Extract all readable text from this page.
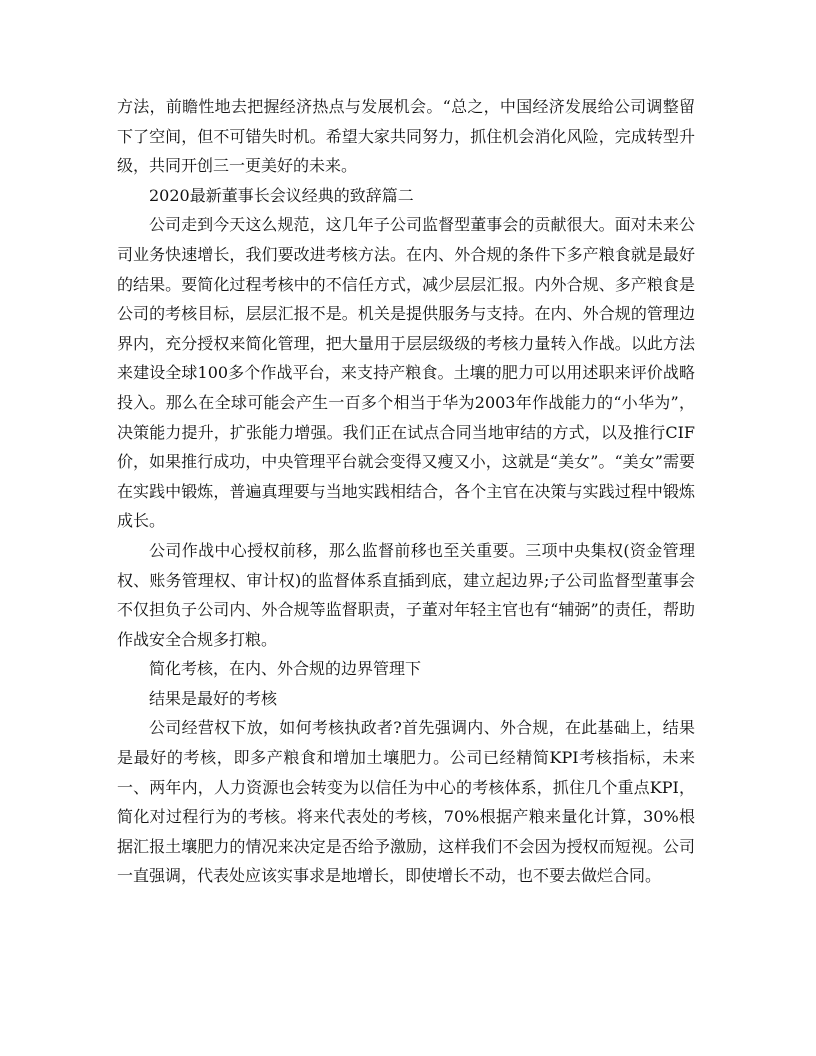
方法，前瞻性地去把握经济热点与发展机会。“总之，中国经济发展给公司调整留下了空间，但不可错失时机。希望大家共同努力，抓住机会消化风险，完成转型升级，共同开创三一更美好的未来。

2020最新董事长会议经典的致辞篇二

公司走到今天这么规范，这几年子公司监督型董事会的贡献很大。面对未来公司业务快速增长，我们要改进考核方法。在内、外合规的条件下多产粮食就是最好的结果。要简化过程考核中的不信任方式，减少层层汇报。内外合规、多产粮食是公司的考核目标，层层汇报不是。机关是提供服务与支持。在内、外合规的管理边界内，充分授权来简化管理，把大量用于层层级级的考核力量转入作战。以此方法来建设全球100多个作战平台，来支持产粮食。土壤的肥力可以用述职来评价战略投入。那么在全球可能会产生一百多个相当于华为2003年作战能力的“小华为”，决策能力提升，扩张能力增强。我们正在试点合同当地审结的方式，以及推行CIF价，如果推行成功，中央管理平台就会变得又瘦又小，这就是“美女”。“美女”需要在实践中锻炼，普遍真理要与当地实践相结合，各个主官在决策与实践过程中锻炼成长。

公司作战中心授权前移，那么监督前移也至关重要。三项中央集权(资金管理权、账务管理权、审计权)的监督体系直插到底，建立起边界;子公司监督型董事会不仅担负子公司内、外合规等监督职责，子董对年轻主官也有“辅弼”的责任，帮助作战安全合规多打粮。

简化考核，在内、外合规的边界管理下

结果是最好的考核

公司经营权下放，如何考核执政者?首先强调内、外合规，在此基础上，结果是最好的考核，即多产粮食和增加土壤肥力。公司已经精简KPI考核指标，未来一、两年内，人力资源也会转变为以信任为中心的考核体系，抓住几个重点KPI，简化对过程行为的考核。将来代表处的考核，70%根据产粮来量化计算，30%根据汇报土壤肥力的情况来决定是否给予激励，这样我们不会因为授权而短视。公司一直强调，代表处应该实事求是地增长，即使增长不动，也不要去做烂合同。
